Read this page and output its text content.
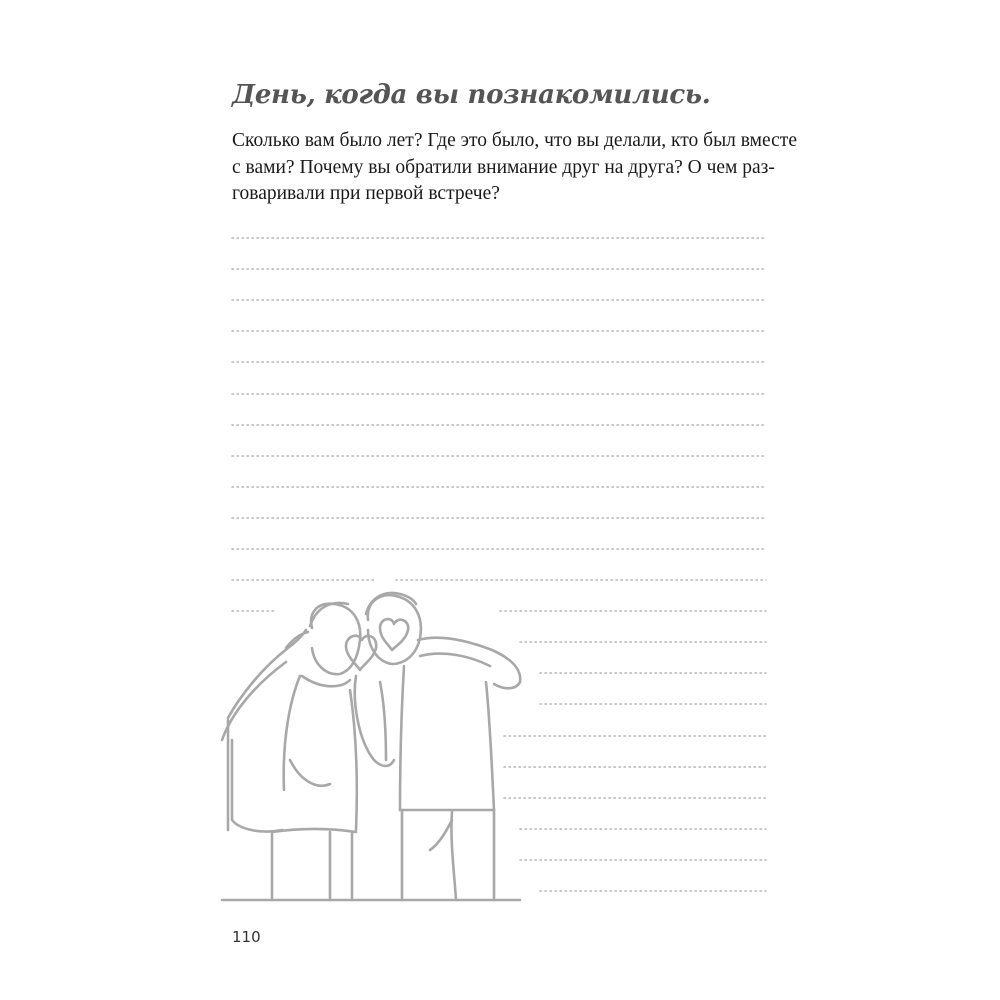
День, когда вы познакомились.

Сколько вам было лет? Где это было, что вы делали, кто был вместе
с вами? Почему вы обратили внимание друг на друга? О чем раз-
говаривали при первой встрече?

110
